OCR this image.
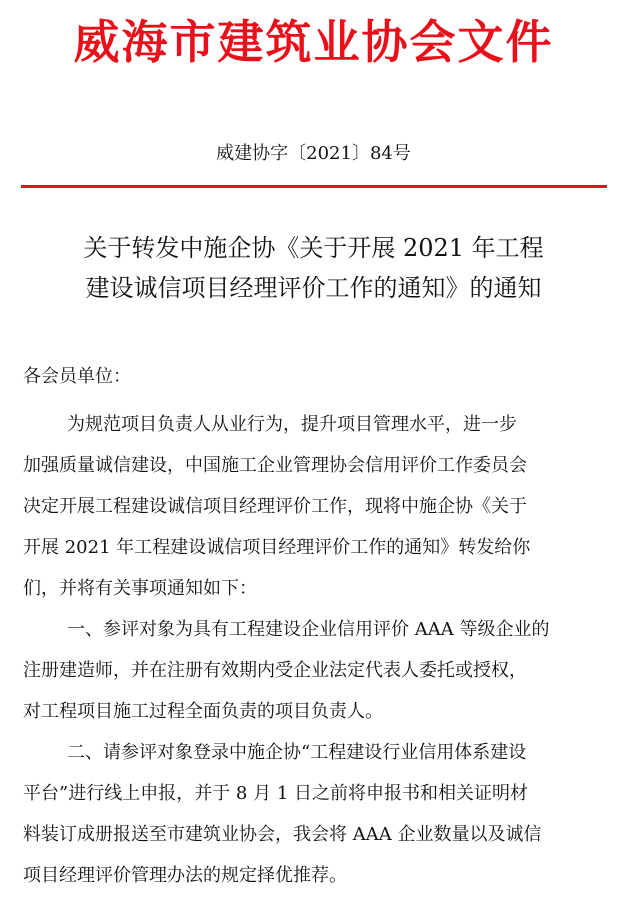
威海市建筑业协会文件
威建协字〔2021〕84号
关于转发中施企协《关于开展 2021 年工程
建设诚信项目经理评价工作的通知》的通知
各会员单位：
为规范项目负责人从业行为，提升项目管理水平，进一步
加强质量诚信建设，中国施工企业管理协会信用评价工作委员会
决定开展工程建设诚信项目经理评价工作，现将中施企协《关于
开展 2021 年工程建设诚信项目经理评价工作的通知》转发给你
们，并将有关事项通知如下：
一、参评对象为具有工程建设企业信用评价 AAA 等级企业的
注册建造师，并在注册有效期内受企业法定代表人委托或授权，
对工程项目施工过程全面负责的项目负责人。
二、请参评对象登录中施企协“工程建设行业信用体系建设
平台”进行线上申报，并于 8 月 1 日之前将申报书和相关证明材
料装订成册报送至市建筑业协会，我会将 AAA 企业数量以及诚信
项目经理评价管理办法的规定择优推荐。
